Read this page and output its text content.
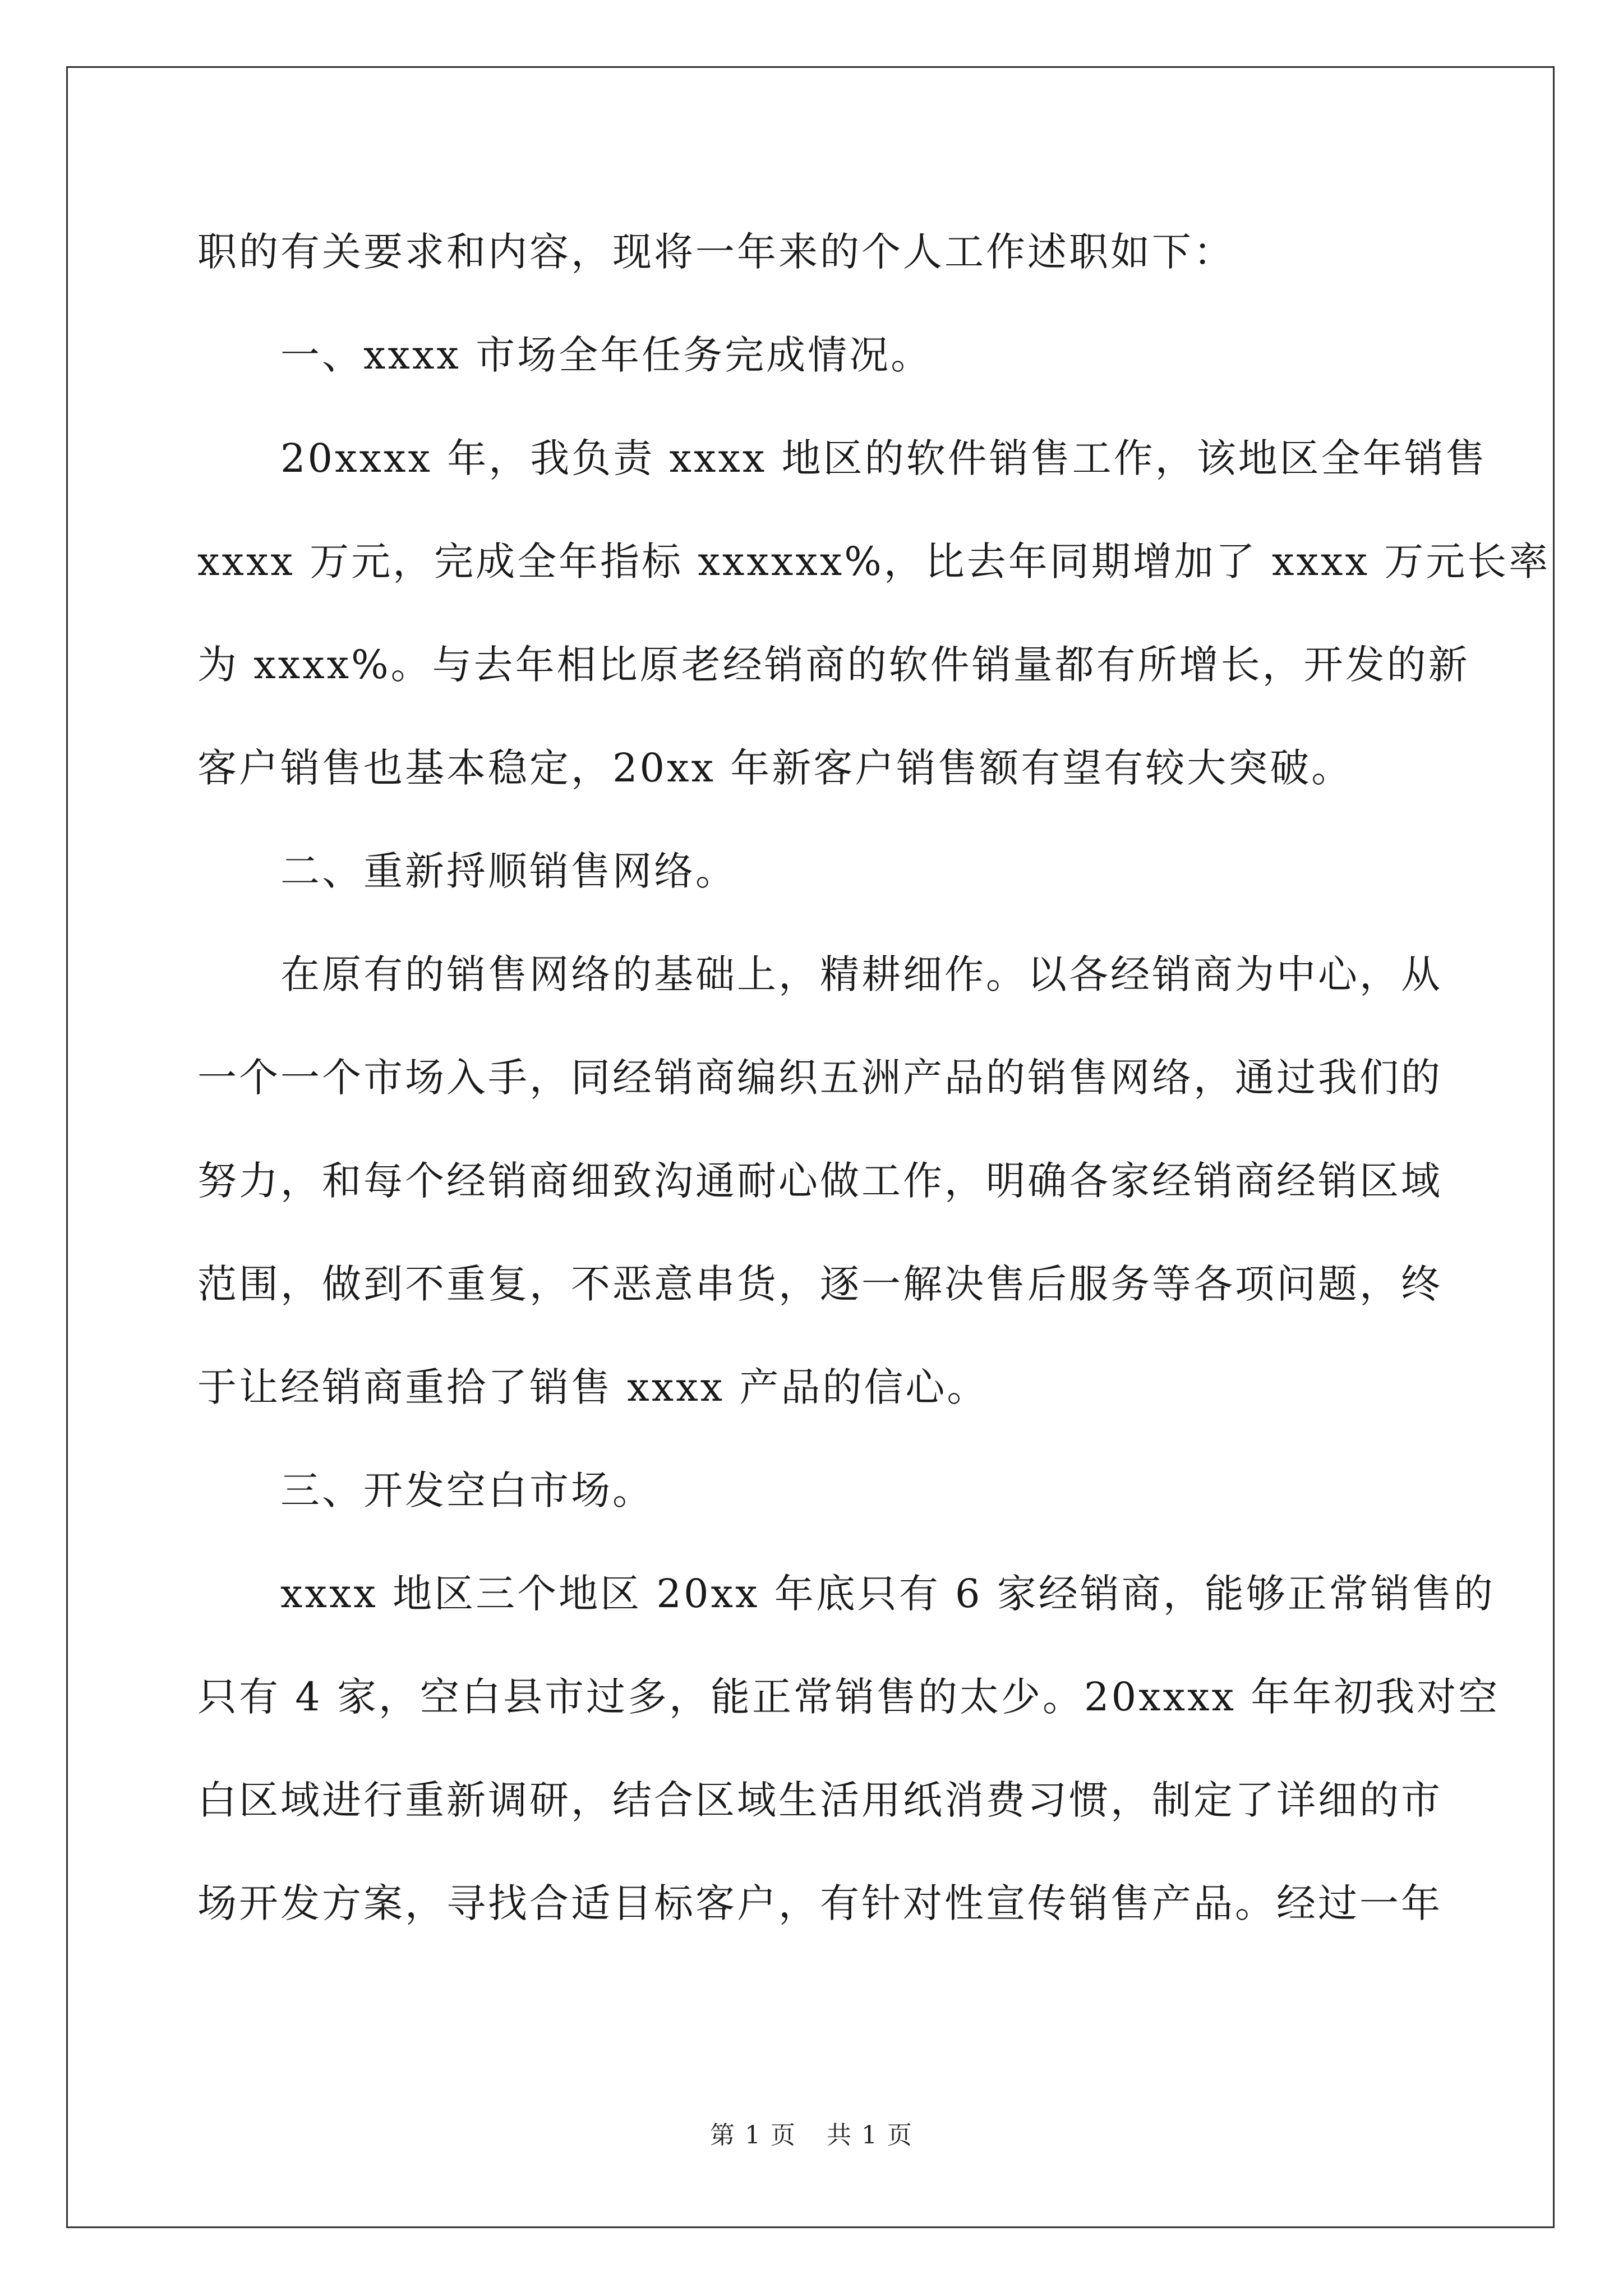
职的有关要求和内容，现将一年来的个人工作述职如下：
一、xxxx 市场全年任务完成情况。
20xxxx 年，我负责 xxxx 地区的软件销售工作，该地区全年销售
xxxx 万元，完成全年指标 xxxxxx%，比去年同期增加了 xxxx 万元长率
为 xxxx%。与去年相比原老经销商的软件销量都有所增长，开发的新
客户销售也基本稳定，20xx 年新客户销售额有望有较大突破。
二、重新捋顺销售网络。
在原有的销售网络的基础上，精耕细作。以各经销商为中心，从
一个一个市场入手，同经销商编织五洲产品的销售网络，通过我们的
努力，和每个经销商细致沟通耐心做工作，明确各家经销商经销区域
范围，做到不重复，不恶意串货，逐一解决售后服务等各项问题，终
于让经销商重拾了销售 xxxx 产品的信心。
三、开发空白市场。
xxxx 地区三个地区 20xx 年底只有 6 家经销商，能够正常销售的
只有 4 家，空白县市过多，能正常销售的太少。20xxxx 年年初我对空
白区域进行重新调研，结合区域生活用纸消费习惯，制定了详细的市
场开发方案，寻找合适目标客户，有针对性宣传销售产品。经过一年
第 1 页 共 1 页
